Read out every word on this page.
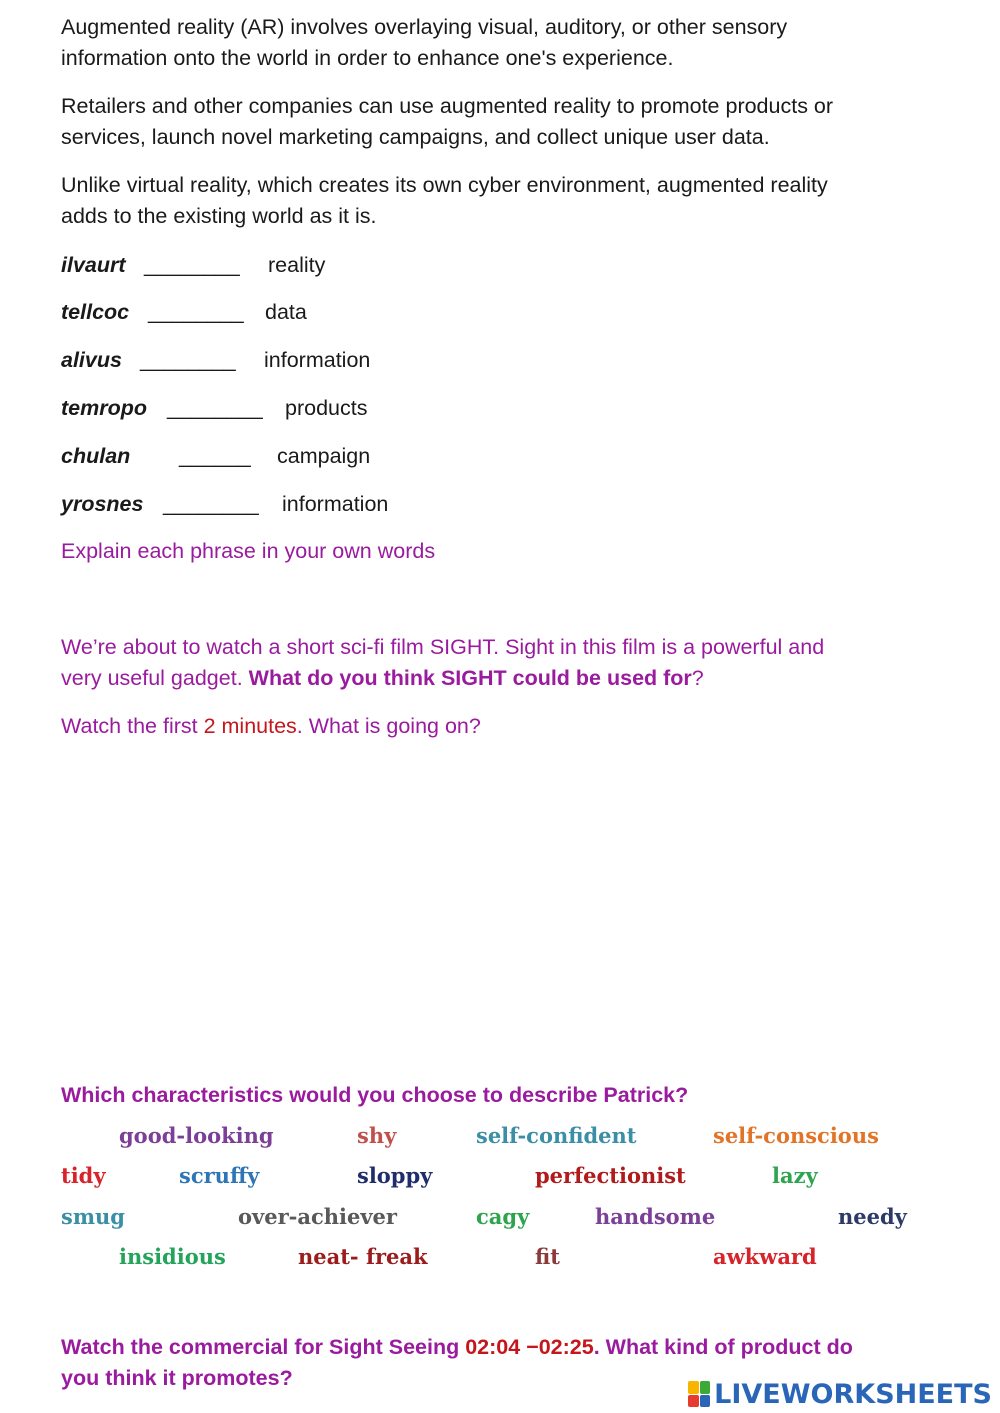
Augmented reality (AR) involves overlaying visual, auditory, or other sensory
information onto the world in order to enhance one's experience.
Retailers and other companies can use augmented reality to promote products or
services, launch novel marketing campaigns, and collect unique user data.
Unlike virtual reality, which creates its own cyber environment, augmented reality
adds to the existing world as it is.
ilvaurt ________ reality
tellcoc ________ data
alivus ________ information
temropo ________ products
chulan ______ campaign
yrosnes ________ information
Explain each phrase in your own words
We’re about to watch a short sci-fi film SIGHT. Sight in this film is a powerful and
very useful gadget. What do you think SIGHT could be used for?
Watch the first 2 minutes. What is going on?
Which characteristics would you choose to describe Patrick?
good-looking	shy	self-confident	self-conscious
tidy	scruffy	sloppy	perfectionist	lazy
smug	over-achiever	cagy	handsome	needy
insidious	neat- freak	fit	awkward
Watch the commercial for Sight Seeing 02:04 −02:25. What kind of product do
you think it promotes?
LIVEWORKSHEETS
